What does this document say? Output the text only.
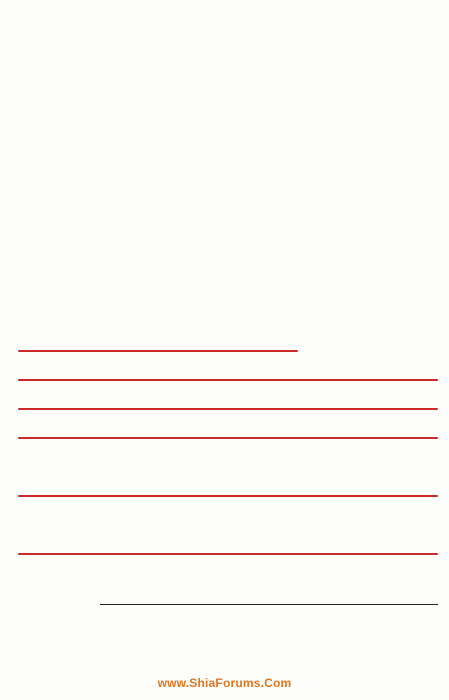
www.ShiaForums.Com
